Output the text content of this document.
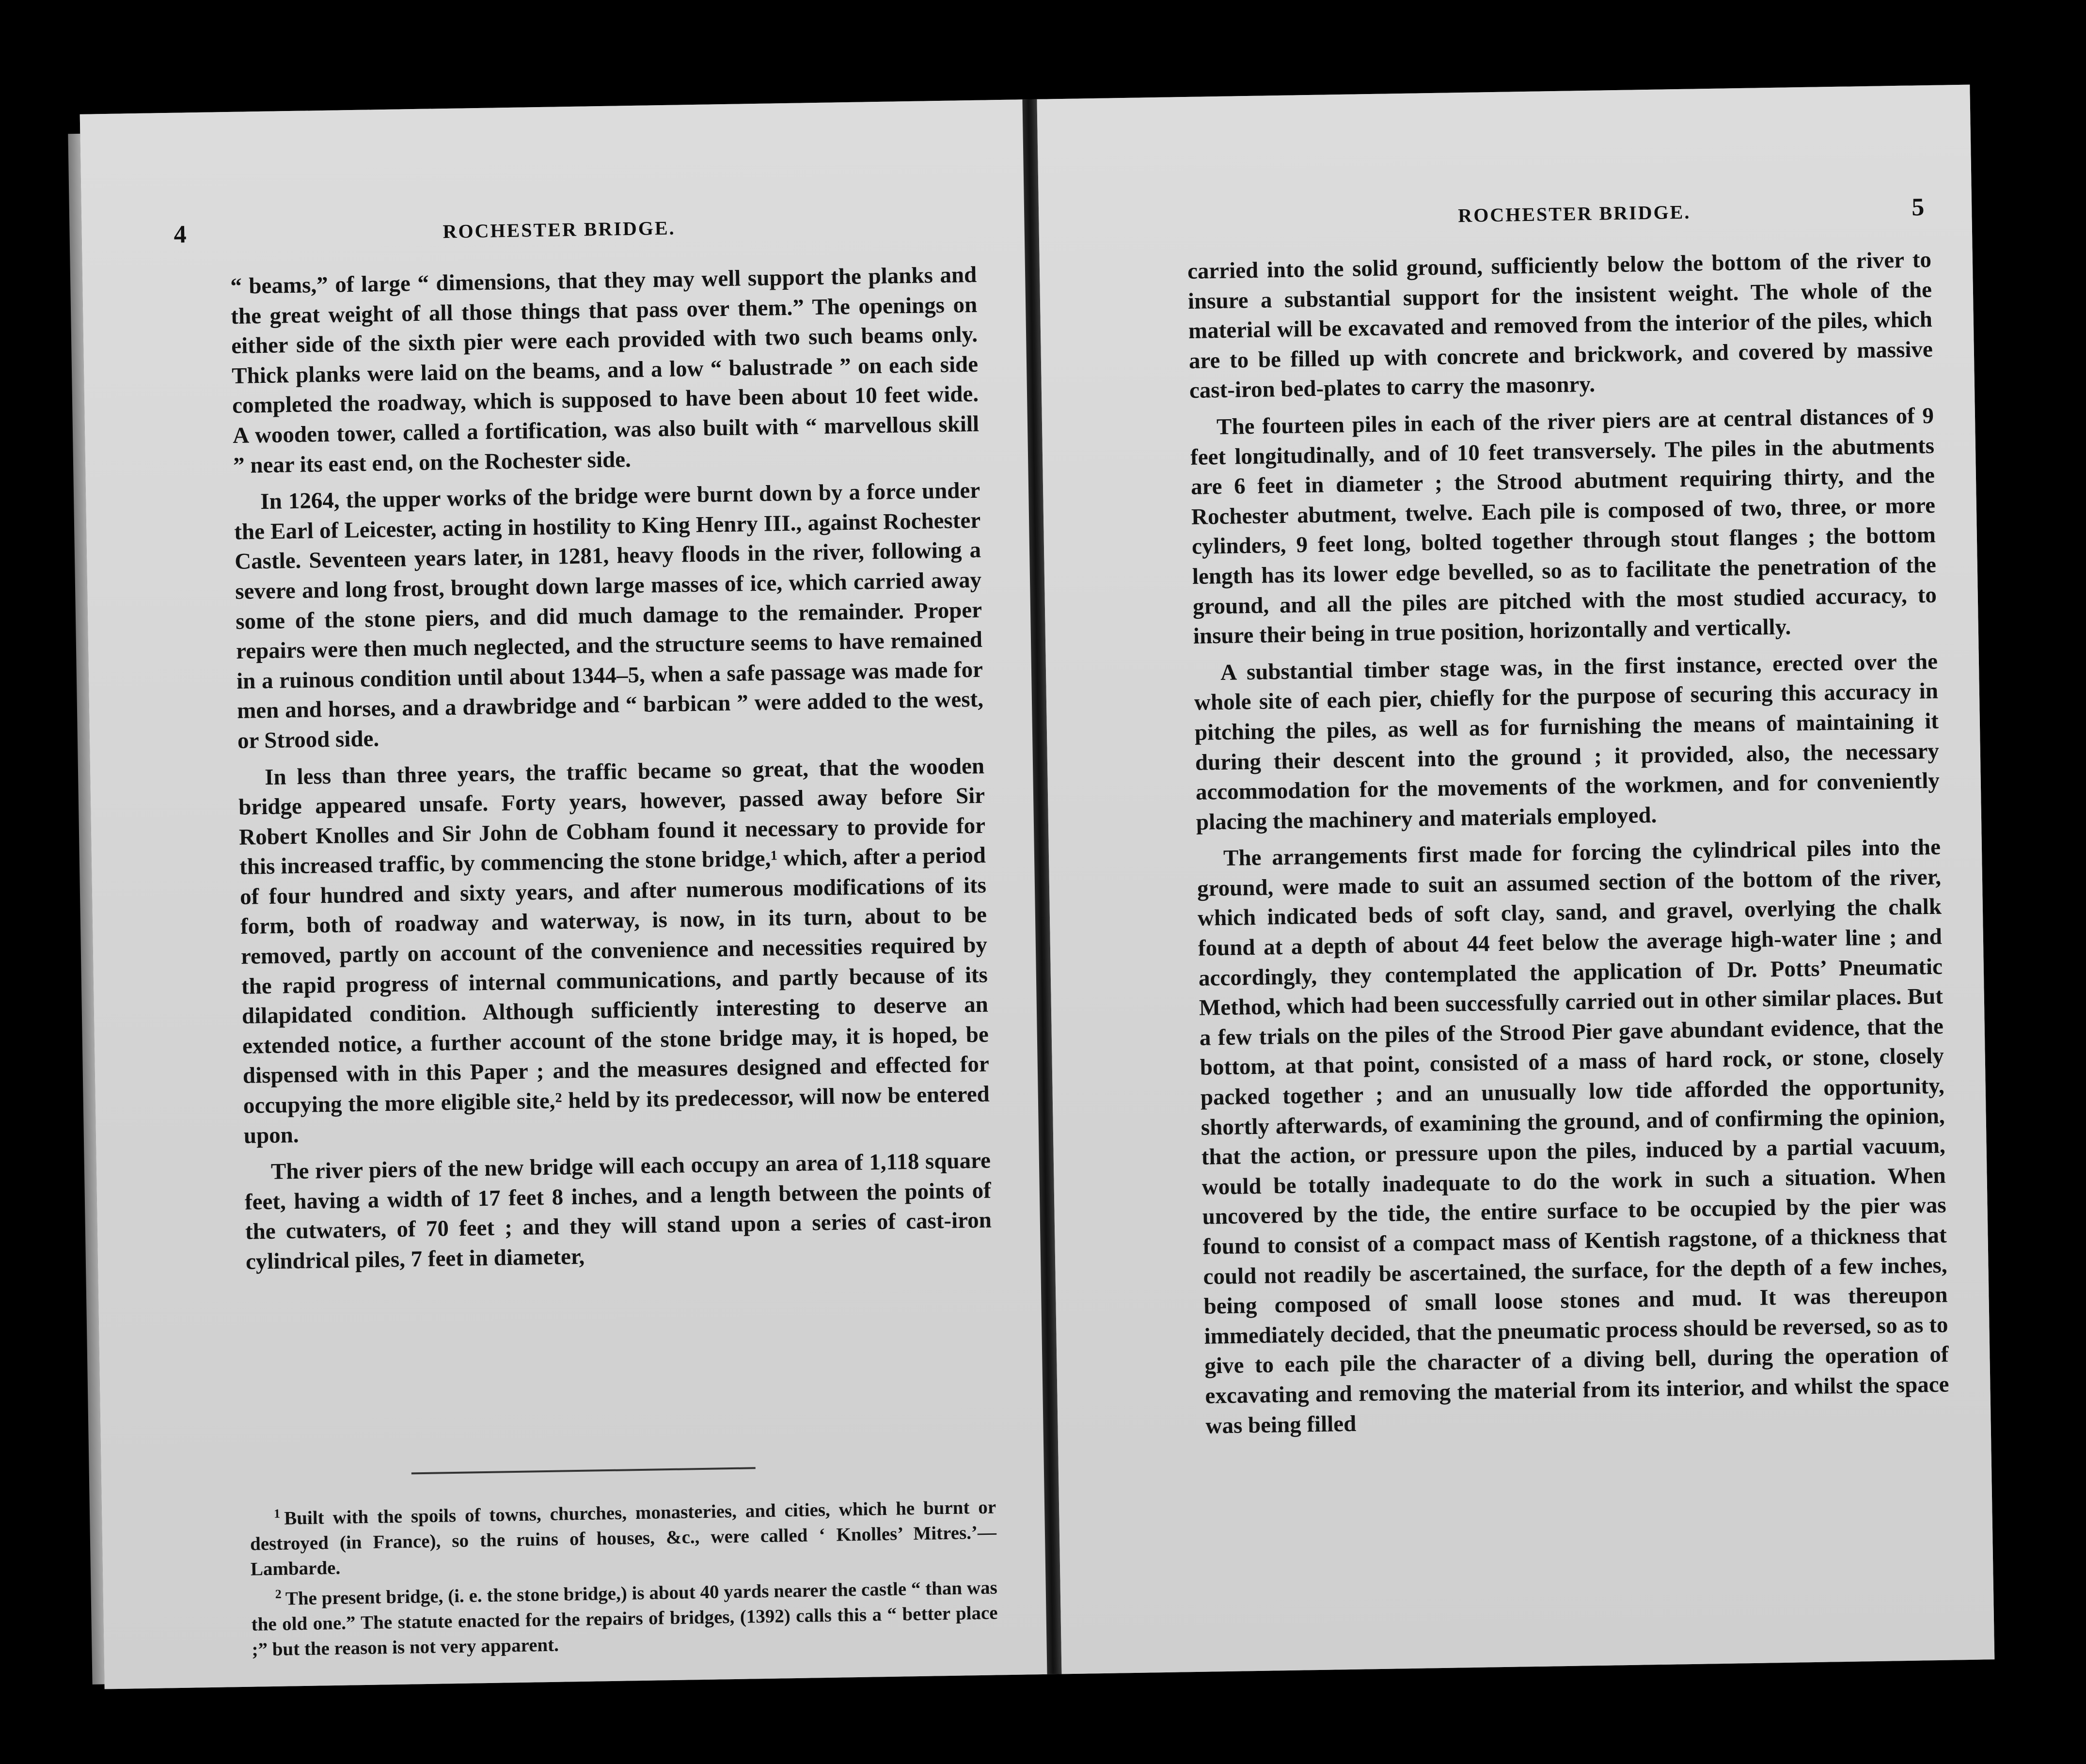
4	ROCHESTER BRIDGE.

“ beams,” of large “ dimensions, that they may well support the planks and the great weight of all those things that pass over them.” The openings on either side of the sixth pier were each provided with two such beams only. Thick planks were laid on the beams, and a low “ balustrade ” on each side completed the roadway, which is supposed to have been about 10 feet wide. A wooden tower, called a fortification, was also built with “ marvellous skill ” near its east end, on the Rochester side.

In 1264, the upper works of the bridge were burnt down by a force under the Earl of Leicester, acting in hostility to King Henry III., against Rochester Castle. Seventeen years later, in 1281, heavy floods in the river, following a severe and long frost, brought down large masses of ice, which carried away some of the stone piers, and did much damage to the remainder. Proper repairs were then much neglected, and the structure seems to have remained in a ruinous condition until about 1344–5, when a safe passage was made for men and horses, and a drawbridge and “ barbican ” were added to the west, or Strood side.

In less than three years, the traffic became so great, that the wooden bridge appeared unsafe. Forty years, however, passed away before Sir Robert Knolles and Sir John de Cobham found it necessary to provide for this increased traffic, by commencing the stone bridge,¹ which, after a period of four hundred and sixty years, and after numerous modifications of its form, both of roadway and waterway, is now, in its turn, about to be removed, partly on account of the convenience and necessities required by the rapid progress of internal communications, and partly because of its dilapidated condition. Although sufficiently interesting to deserve an extended notice, a further account of the stone bridge may, it is hoped, be dispensed with in this Paper ; and the measures designed and effected for occupying the more eligible site,² held by its predecessor, will now be entered upon.

The river piers of the new bridge will each occupy an area of 1,118 square feet, having a width of 17 feet 8 inches, and a length between the points of the cutwaters, of 70 feet ; and they will stand upon a series of cast-iron cylindrical piles, 7 feet in diameter,

$^1$ Built with the spoils of towns, churches, monasteries, and cities, which he burnt or destroyed (in France), so the ruins of houses, &c., were called ‘ Knolles’ Mitres.’—Lambarde.

$^2$ The present bridge, (i. e. the stone bridge,) is about 40 yards nearer the castle “ than was the old one.” The statute enacted for the repairs of bridges, (1392) calls this a “ better place ;” but the reason is not very apparent.

ROCHESTER BRIDGE.	5

carried into the solid ground, sufficiently below the bottom of the river to insure a substantial support for the insistent weight. The whole of the material will be excavated and removed from the interior of the piles, which are to be filled up with concrete and brickwork, and covered by massive cast-iron bed-plates to carry the masonry.

The fourteen piles in each of the river piers are at central distances of 9 feet longitudinally, and of 10 feet transversely. The piles in the abutments are 6 feet in diameter ; the Strood abutment requiring thirty, and the Rochester abutment, twelve. Each pile is composed of two, three, or more cylinders, 9 feet long, bolted together through stout flanges ; the bottom length has its lower edge bevelled, so as to facilitate the penetration of the ground, and all the piles are pitched with the most studied accuracy, to insure their being in true position, horizontally and vertically.

A substantial timber stage was, in the first instance, erected over the whole site of each pier, chiefly for the purpose of securing this accuracy in pitching the piles, as well as for furnishing the means of maintaining it during their descent into the ground ; it provided, also, the necessary accommodation for the movements of the workmen, and for conveniently placing the machinery and materials employed.

The arrangements first made for forcing the cylindrical piles into the ground, were made to suit an assumed section of the bottom of the river, which indicated beds of soft clay, sand, and gravel, overlying the chalk found at a depth of about 44 feet below the average high-water line ; and accordingly, they contemplated the application of Dr. Potts’ Pneumatic Method, which had been successfully carried out in other similar places. But a few trials on the piles of the Strood Pier gave abundant evidence, that the bottom, at that point, consisted of a mass of hard rock, or stone, closely packed together ; and an unusually low tide afforded the opportunity, shortly afterwards, of examining the ground, and of confirming the opinion, that the action, or pressure upon the piles, induced by a partial vacuum, would be totally inadequate to do the work in such a situation. When uncovered by the tide, the entire surface to be occupied by the pier was found to consist of a compact mass of Kentish ragstone, of a thickness that could not readily be ascertained, the surface, for the depth of a few inches, being composed of small loose stones and mud. It was thereupon immediately decided, that the pneumatic process should be reversed, so as to give to each pile the character of a diving bell, during the operation of excavating and removing the material from its interior, and whilst the space was being filled
